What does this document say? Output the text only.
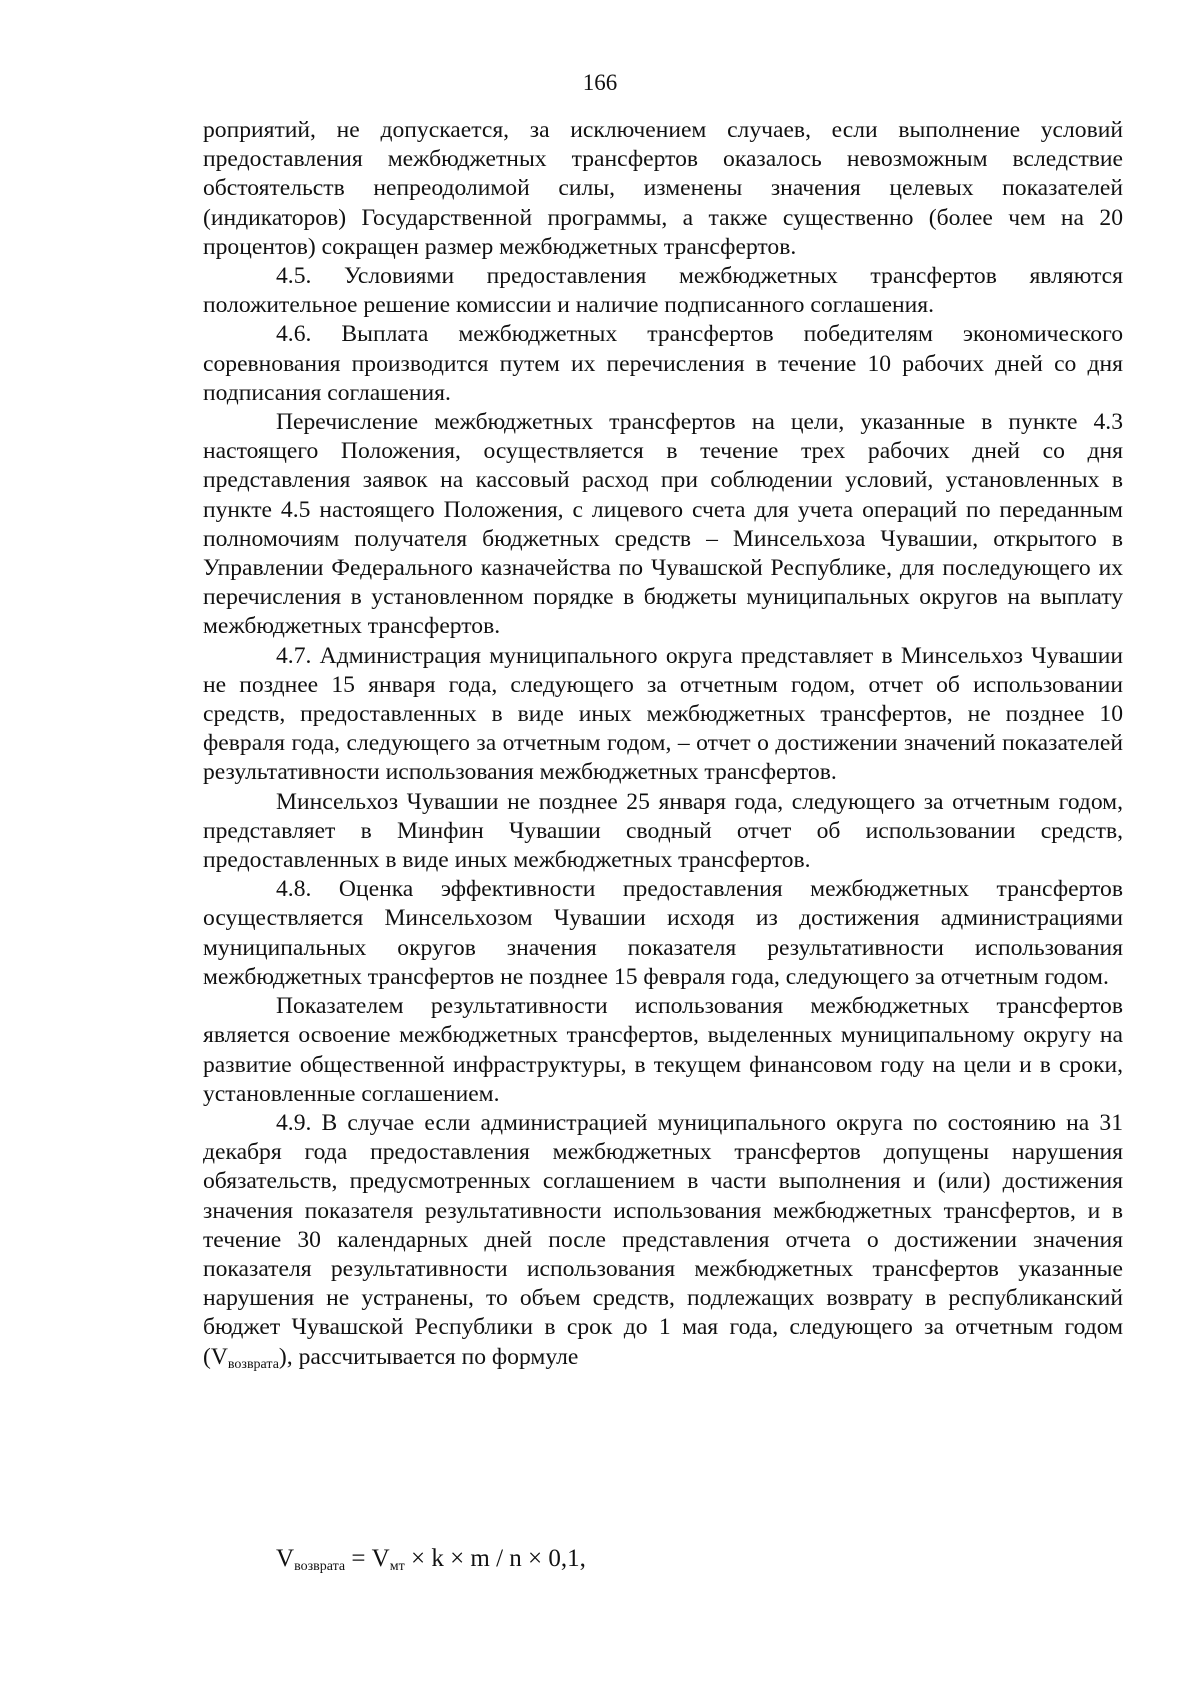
166

роприятий, не допускается, за исключением случаев, если выполнение условий предоставления межбюджетных трансфертов оказалось невозможным вследствие обстоятельств непреодолимой силы, изменены значения целевых показателей (индикаторов) Государственной программы, а также существенно (более чем на 20 процентов) сокращен размер межбюджетных трансфертов.

4.5. Условиями предоставления межбюджетных трансфертов являются положительное решение комиссии и наличие подписанного соглашения.

4.6. Выплата межбюджетных трансфертов победителям экономического соревнования производится путем их перечисления в течение 10 рабочих дней со дня подписания соглашения.

Перечисление межбюджетных трансфертов на цели, указанные в пункте 4.3 настоящего Положения, осуществляется в течение трех рабочих дней со дня представления заявок на кассовый расход при соблюдении условий, установленных в пункте 4.5 настоящего Положения, с лицевого счета для учета операций по переданным полномочиям получателя бюджетных средств – Минсельхоза Чувашии, открытого в Управлении Федерального казначейства по Чувашской Республике, для последующего их перечисления в установленном порядке в бюджеты муниципальных округов на выплату межбюджетных трансфертов.

4.7. Администрация муниципального округа представляет в Минсельхоз Чувашии не позднее 15 января года, следующего за отчетным годом, отчет об использовании средств, предоставленных в виде иных межбюджетных трансфертов, не позднее 10 февраля года, следующего за отчетным годом, – отчет о достижении значений показателей результативности использования межбюджетных трансфертов.

Минсельхоз Чувашии не позднее 25 января года, следующего за отчетным годом, представляет в Минфин Чувашии сводный отчет об использовании средств, предоставленных в виде иных межбюджетных трансфертов.

4.8. Оценка эффективности предоставления межбюджетных трансфертов осуществляется Минсельхозом Чувашии исходя из достижения администрациями муниципальных округов значения показателя результативности использования межбюджетных трансфертов не позднее 15 февраля года, следующего за отчетным годом.

Показателем результативности использования межбюджетных трансфертов является освоение межбюджетных трансфертов, выделенных муниципальному округу на развитие общественной инфраструктуры, в текущем финансовом году на цели и в сроки, установленные соглашением.

4.9. В случае если администрацией муниципального округа по состоянию на 31 декабря года предоставления межбюджетных трансфертов допущены нарушения обязательств, предусмотренных соглашением в части выполнения и (или) достижения значения показателя результативности использования межбюджетных трансфертов, и в течение 30 календарных дней после представления отчета о достижении значения показателя результативности использования межбюджетных трансфертов указанные нарушения не устранены, то объем средств, подлежащих возврату в республиканский бюджет Чувашской Республики в срок до 1 мая года, следующего за отчетным годом (Vвозврата), рассчитывается по формуле

$V_{возврата} = V_{мт} \times k \times m / n \times 0,1$,
